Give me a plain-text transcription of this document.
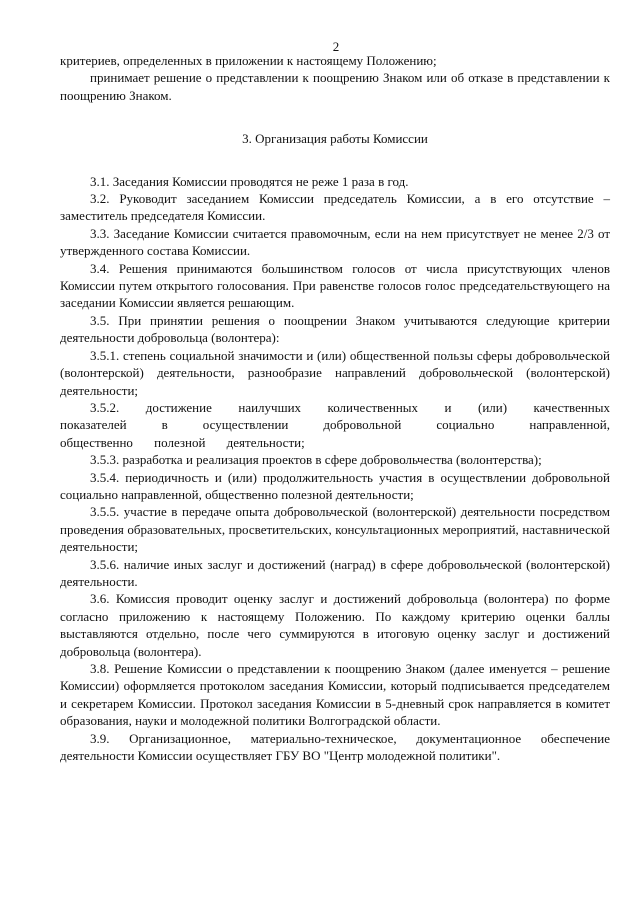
2

критериев, определенных в приложении к настоящему Положению;

принимает решение о представлении к поощрению Знаком или об отказе в представлении к поощрению Знаком.

3. Организация работы Комиссии

3.1. Заседания Комиссии проводятся не реже 1 раза в год.

3.2. Руководит заседанием Комиссии председатель Комиссии, а в его отсутствие – заместитель председателя Комиссии.

3.3. Заседание Комиссии считается правомочным, если на нем присутствует не менее 2/3 от утвержденного состава Комиссии.

3.4. Решения принимаются большинством голосов от числа присутствующих членов Комиссии путем открытого голосования. При равенстве голосов голос председательствующего на заседании Комиссии является решающим.

3.5. При принятии решения о поощрении Знаком учитываются следующие критерии деятельности добровольца (волонтера):

3.5.1. степень социальной значимости и (или) общественной пользы сферы добровольческой (волонтерской) деятельности, разнообразие направлений добровольческой (волонтерской) деятельности;

3.5.2. достижение наилучших количественных и (или) качественных показателей в осуществлении добровольной социально направленной, общественно полезной деятельности;

3.5.3. разработка и реализация проектов в сфере добровольчества (волонтерства);

3.5.4. периодичность и (или) продолжительность участия в осуществлении добровольной социально направленной, общественно полезной деятельности;

3.5.5. участие в передаче опыта добровольческой (волонтерской) деятельности посредством проведения образовательных, просветительских, консультационных мероприятий, наставнической деятельности;

3.5.6. наличие иных заслуг и достижений (наград) в сфере добровольческой (волонтерской) деятельности.

3.6. Комиссия проводит оценку заслуг и достижений добровольца (волонтера) по форме согласно приложению к настоящему Положению. По каждому критерию оценки баллы выставляются отдельно, после чего суммируются в итоговую оценку заслуг и достижений добровольца (волонтера).

3.8. Решение Комиссии о представлении к поощрению Знаком (далее именуется – решение Комиссии) оформляется протоколом заседания Комиссии, который подписывается председателем и секретарем Комиссии. Протокол заседания Комиссии в 5-дневный срок направляется в комитет образования, науки и молодежной политики Волгоградской области.

3.9. Организационное, материально-техническое, документационное обеспечение деятельности Комиссии осуществляет ГБУ ВО "Центр молодежной политики".
